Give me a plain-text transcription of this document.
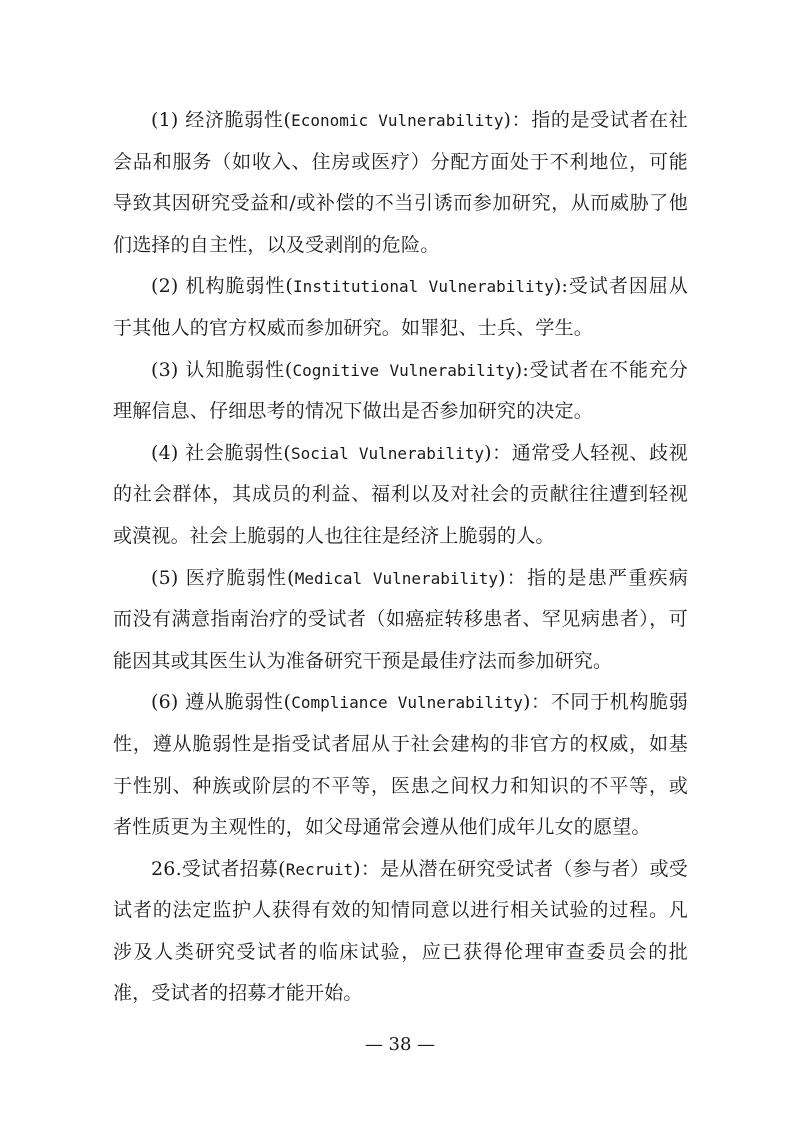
(1) 经济脆弱性(Economic Vulnerability)：指的是受试者在社会品和服务（如收入、住房或医疗）分配方面处于不利地位，可能导致其因研究受益和/或补偿的不当引诱而参加研究，从而威胁了他们选择的自主性，以及受剥削的危险。

(2) 机构脆弱性(Institutional Vulnerability):受试者因屈从于其他人的官方权威而参加研究。如罪犯、士兵、学生。

(3) 认知脆弱性(Cognitive Vulnerability):受试者在不能充分理解信息、仔细思考的情况下做出是否参加研究的决定。

(4) 社会脆弱性(Social Vulnerability)：通常受人轻视、歧视的社会群体，其成员的利益、福利以及对社会的贡献往往遭到轻视或漠视。社会上脆弱的人也往往是经济上脆弱的人。

(5) 医疗脆弱性(Medical Vulnerability)：指的是患严重疾病而没有满意指南治疗的受试者（如癌症转移患者、罕见病患者），可能因其或其医生认为准备研究干预是最佳疗法而参加研究。

(6) 遵从脆弱性(Compliance Vulnerability)：不同于机构脆弱性，遵从脆弱性是指受试者屈从于社会建构的非官方的权威，如基于性别、种族或阶层的不平等，医患之间权力和知识的不平等，或者性质更为主观性的，如父母通常会遵从他们成年儿女的愿望。

26.受试者招募(Recruit)：是从潜在研究受试者（参与者）或受试者的法定监护人获得有效的知情同意以进行相关试验的过程。凡涉及人类研究受试者的临床试验，应已获得伦理审查委员会的批准，受试者的招募才能开始。

— 38 —
